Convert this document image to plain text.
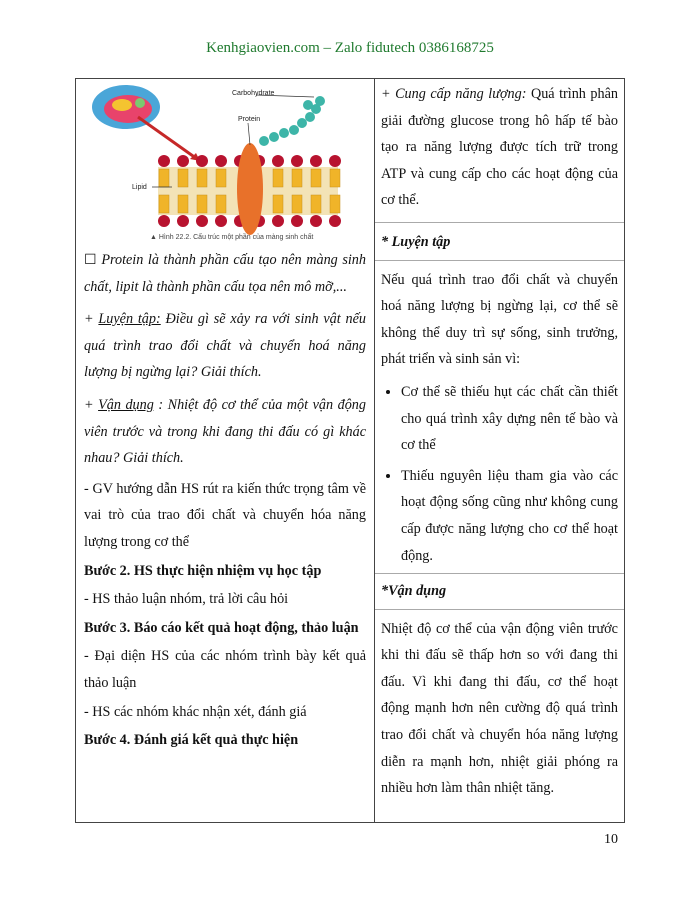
Kenhgiaovien.com – Zalo fidutech 0386168725
Carbohydrate
Protein
Lipid
▲ Hình 22.2. Cấu trúc một phần của màng sinh chất

☐ Protein là thành phần cấu tạo nên màng sinh chất, lipit là thành phần cấu tọa nên mô mỡ,...

+ Luyện tập: Điều gì sẽ xảy ra với sinh vật nếu quá trình trao đổi chất và chuyển hoá năng lượng bị ngừng lại? Giải thích.

+ Vận dụng : Nhiệt độ cơ thể của một vận động viên trước và trong khi đang thi đấu có gì khác nhau? Giải thích.

- GV hướng dẫn HS rút ra kiến thức trọng tâm về vai trò của trao đổi chất và chuyển hóa năng lượng trong cơ thể

Bước 2. HS thực hiện nhiệm vụ học tập

- HS thảo luận nhóm, trả lời câu hỏi

Bước 3. Báo cáo kết quả hoạt động, thảo luận

- Đại diện HS của các nhóm trình bày kết quả thảo luận

- HS các nhóm khác nhận xét, đánh giá

Bước 4. Đánh giá kết quả thực hiện

+ Cung cấp năng lượng: Quá trình phân giải đường glucose trong hô hấp tế bào tạo ra năng lượng được tích trữ trong ATP và cung cấp cho các hoạt động của cơ thể.

* Luyện tập

Nếu quá trình trao đổi chất và chuyển hoá năng lượng bị ngừng lại, cơ thể sẽ không thể duy trì sự sống, sinh trưởng, phát triển và sinh sản vì:

• Cơ thể sẽ thiếu hụt các chất cần thiết cho quá trình xây dựng nên tế bào và cơ thể
• Thiếu nguyên liệu tham gia vào các hoạt động sống cũng như không cung cấp được năng lượng cho cơ thể hoạt động.

*Vận dụng

Nhiệt độ cơ thể của vận động viên trước khi thi đấu sẽ thấp hơn so với đang thi đấu. Vì khi đang thi đấu, cơ thể hoạt động mạnh hơn nên cường độ quá trình trao đổi chất và chuyển hóa năng lượng diễn ra mạnh hơn, nhiệt giải phóng ra nhiều hơn làm thân nhiệt tăng.

10
